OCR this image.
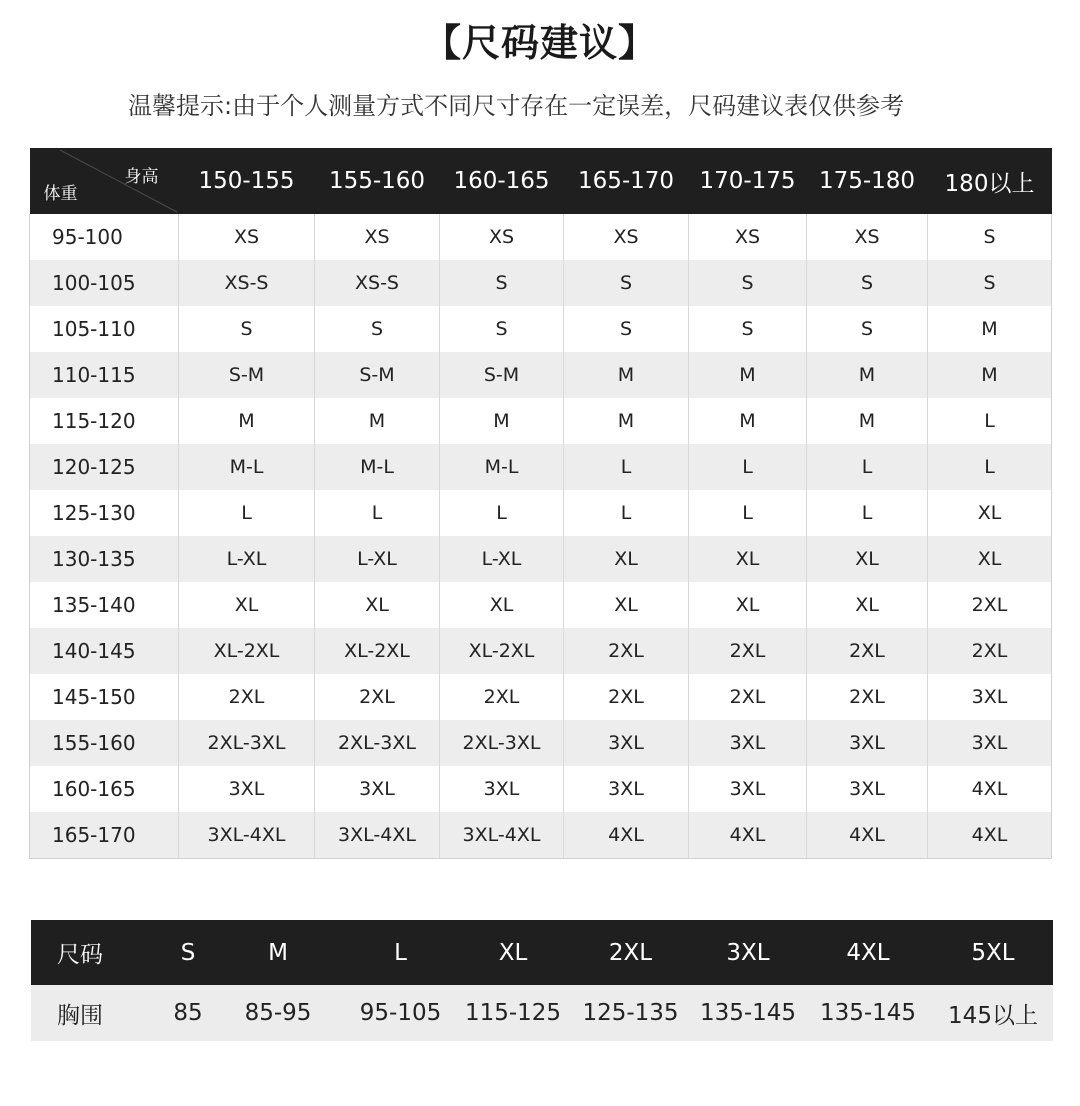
【尺码建议】
温馨提示:由于个人测量方式不同尺寸存在一定误差，尺码建议表仅供参考
身高
体重	150-155	155-160	160-165	165-170	170-175	175-180	180以上
95-100	XS	XS	XS	XS	XS	XS	S
100-105	XS-S	XS-S	S	S	S	S	S
105-110	S	S	S	S	S	S	M
110-115	S-M	S-M	S-M	M	M	M	M
115-120	M	M	M	M	M	M	L
120-125	M-L	M-L	M-L	L	L	L	L
125-130	L	L	L	L	L	L	XL
130-135	L-XL	L-XL	L-XL	XL	XL	XL	XL
135-140	XL	XL	XL	XL	XL	XL	2XL
140-145	XL-2XL	XL-2XL	XL-2XL	2XL	2XL	2XL	2XL
145-150	2XL	2XL	2XL	2XL	2XL	2XL	3XL
155-160	2XL-3XL	2XL-3XL	2XL-3XL	3XL	3XL	3XL	3XL
160-165	3XL	3XL	3XL	3XL	3XL	3XL	4XL
165-170	3XL-4XL	3XL-4XL	3XL-4XL	4XL	4XL	4XL	4XL
尺码	S	M	L	XL	2XL	3XL	4XL	5XL
胸围	85	85-95	95-105	115-125	125-135	135-145	135-145	145以上
